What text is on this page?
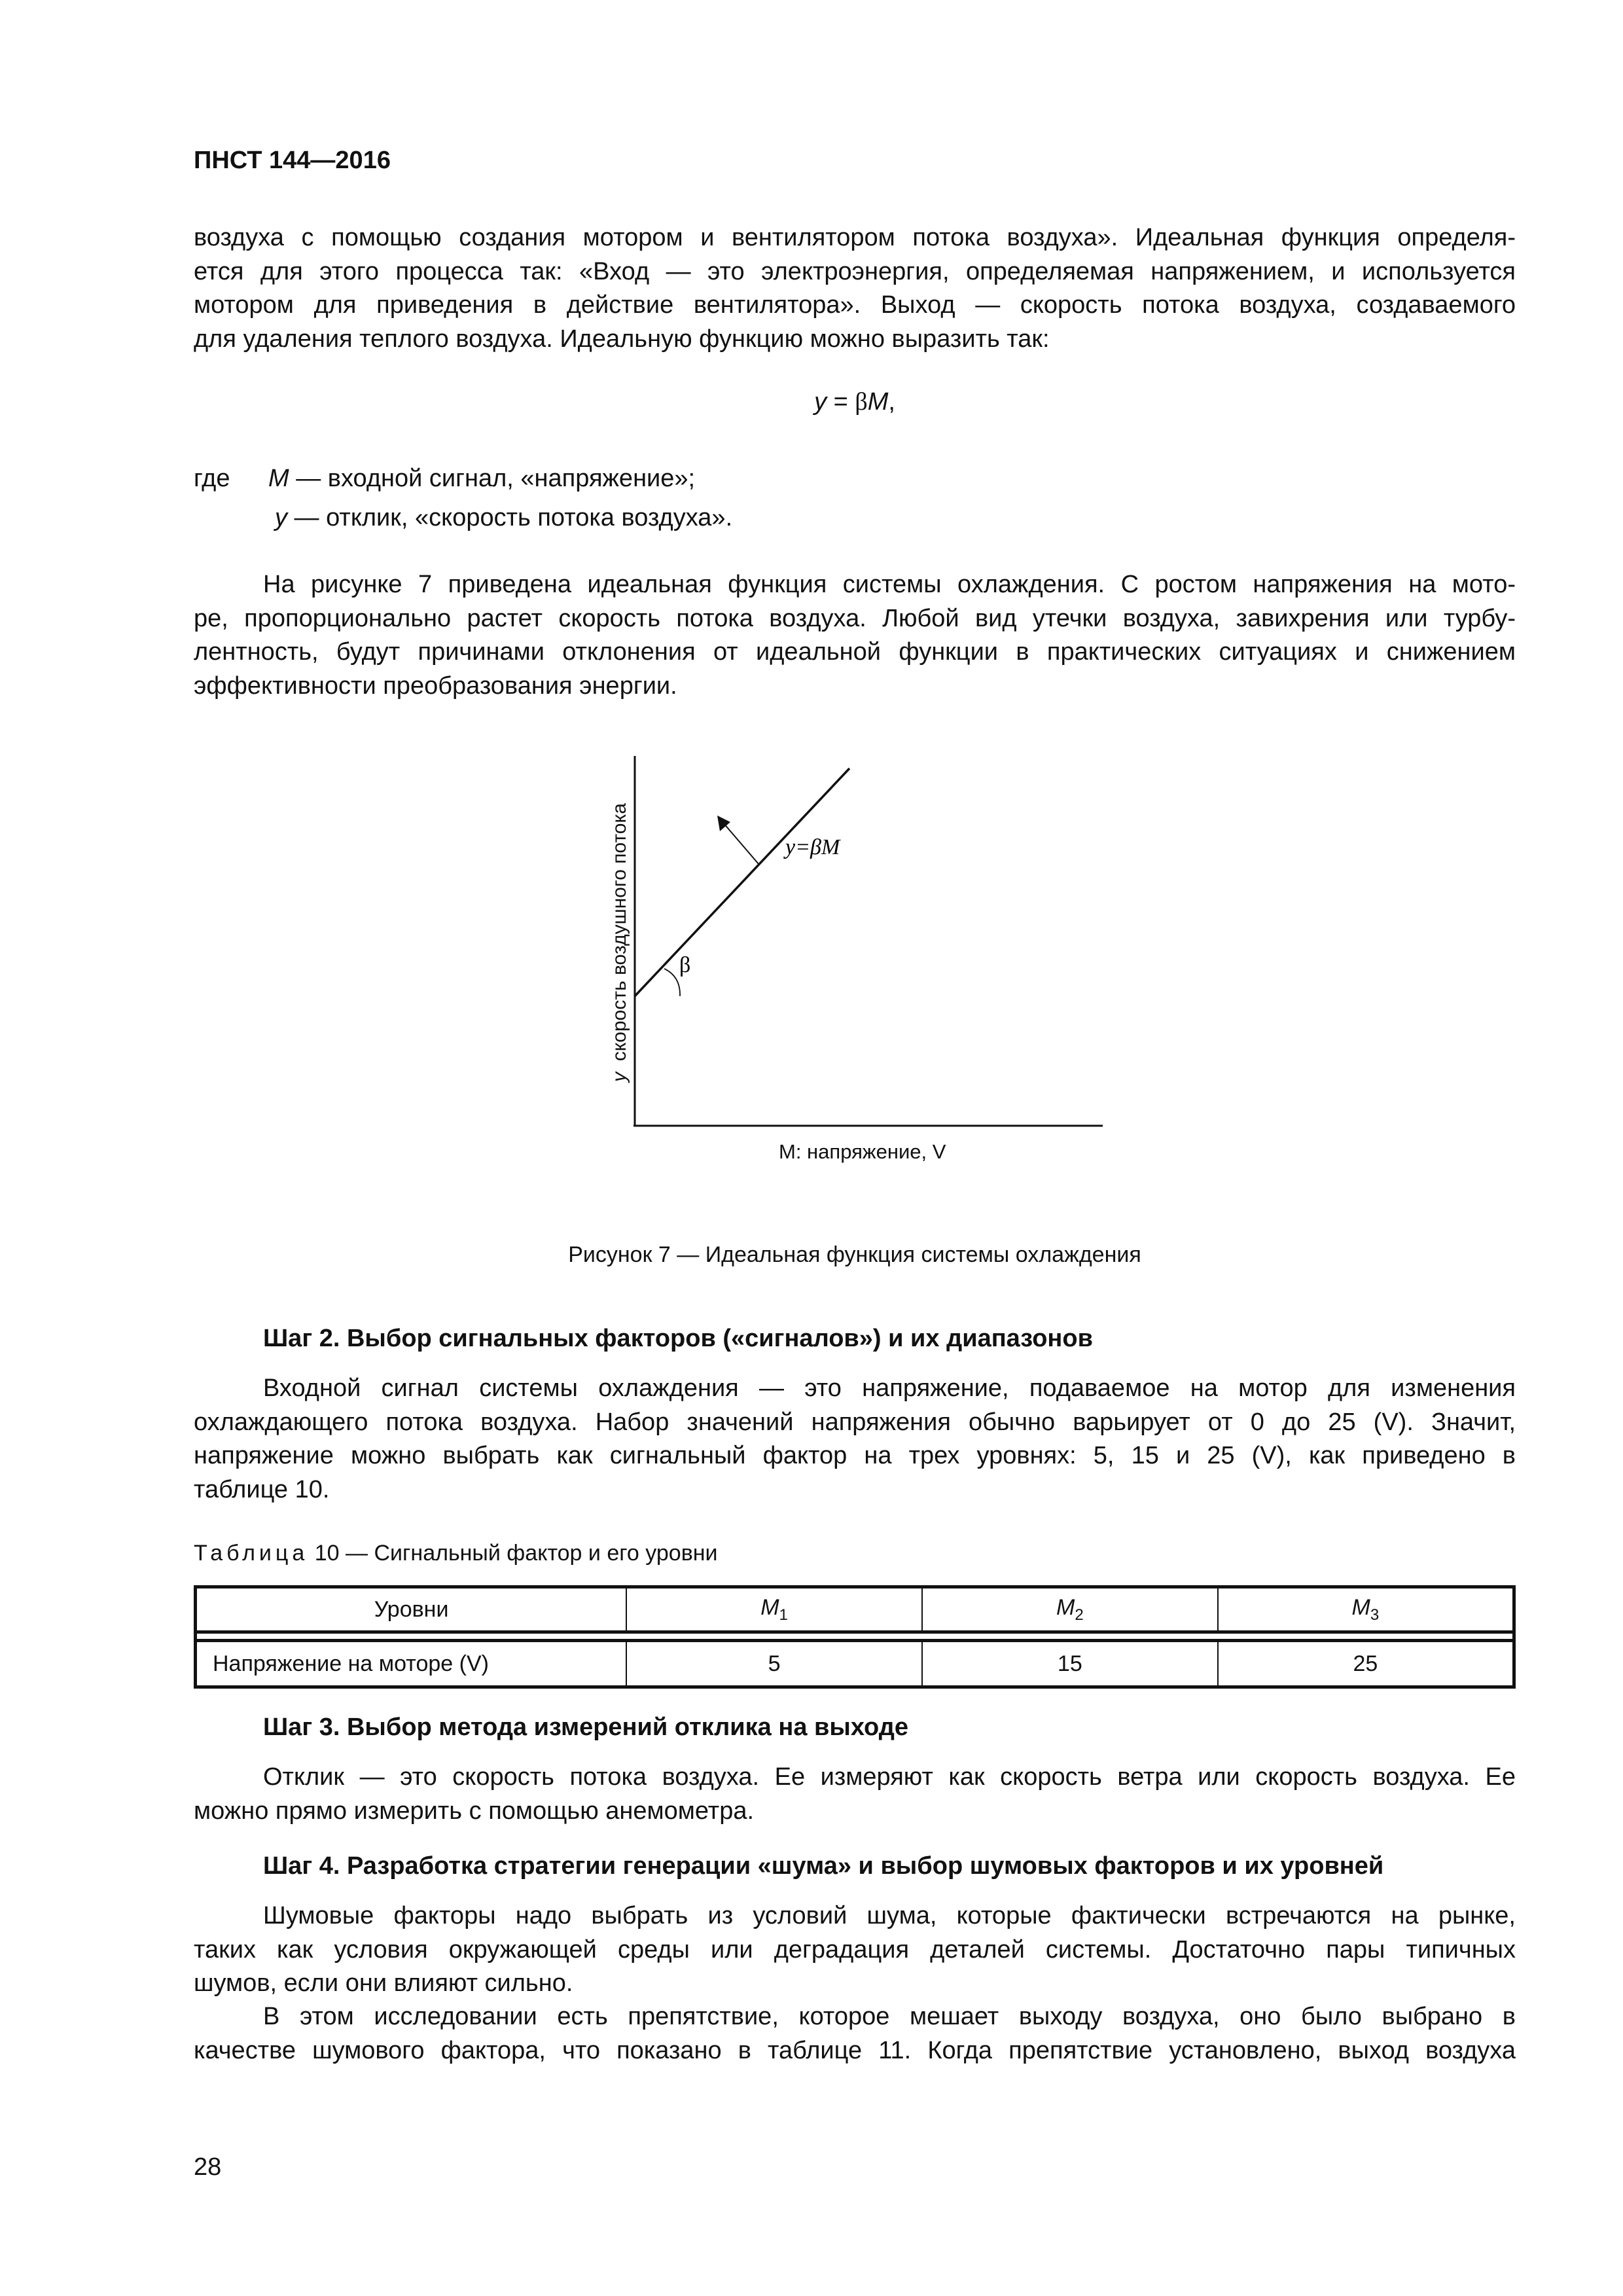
ПНСТ 144—2016
воздуха с помощью создания мотором и вентилятором потока воздуха». Идеальная функция определя-
ется для этого процесса так: «Вход — это электроэнергия, определяемая напряжением, и используется
мотором для приведения в действие вентилятора». Выход — скорость потока воздуха, создаваемого
для удаления теплого воздуха. Идеальную функцию можно выразить так:
y = βM,
где M — входной сигнал, «напряжение»;
y — отклик, «скорость потока воздуха».
На рисунке 7 приведена идеальная функция системы охлаждения. С ростом напряжения на мото-
ре, пропорционально растет скорость потока воздуха. Любой вид утечки воздуха, завихрения или турбу-
лентность, будут причинами отклонения от идеальной функции в практических ситуациях и снижением
эффективности преобразования энергии.
β
y=βM
y  скорость воздушного потока
M: напряжение, V
Рисунок 7 — Идеальная функция системы охлаждения
Шаг 2. Выбор сигнальных факторов («сигналов») и их диапазонов
Входной сигнал системы охлаждения — это напряжение, подаваемое на мотор для изменения
охлаждающего потока воздуха. Набор значений напряжения обычно варьирует от 0 до 25 (V). Значит,
напряжение можно выбрать как сигнальный фактор на трех уровнях: 5, 15 и 25 (V), как приведено в
таблице 10.
Таблица 10 — Сигнальный фактор и его уровни
Уровни	$M_1$	$M_2$	$M_3$

Напряжение на моторе (V)	5	15	25
Шаг 3. Выбор метода измерений отклика на выходе
Отклик — это скорость потока воздуха. Ее измеряют как скорость ветра или скорость воздуха. Ее
можно прямо измерить с помощью анемометра.
Шаг 4. Разработка стратегии генерации «шума» и выбор шумовых факторов и их уровней
Шумовые факторы надо выбрать из условий шума, которые фактически встречаются на рынке,
таких как условия окружающей среды или деградация деталей системы. Достаточно пары типичных
шумов, если они влияют сильно.
В этом исследовании есть препятствие, которое мешает выходу воздуха, оно было выбрано в
качестве шумового фактора, что показано в таблице 11. Когда препятствие установлено, выход воздуха
28
